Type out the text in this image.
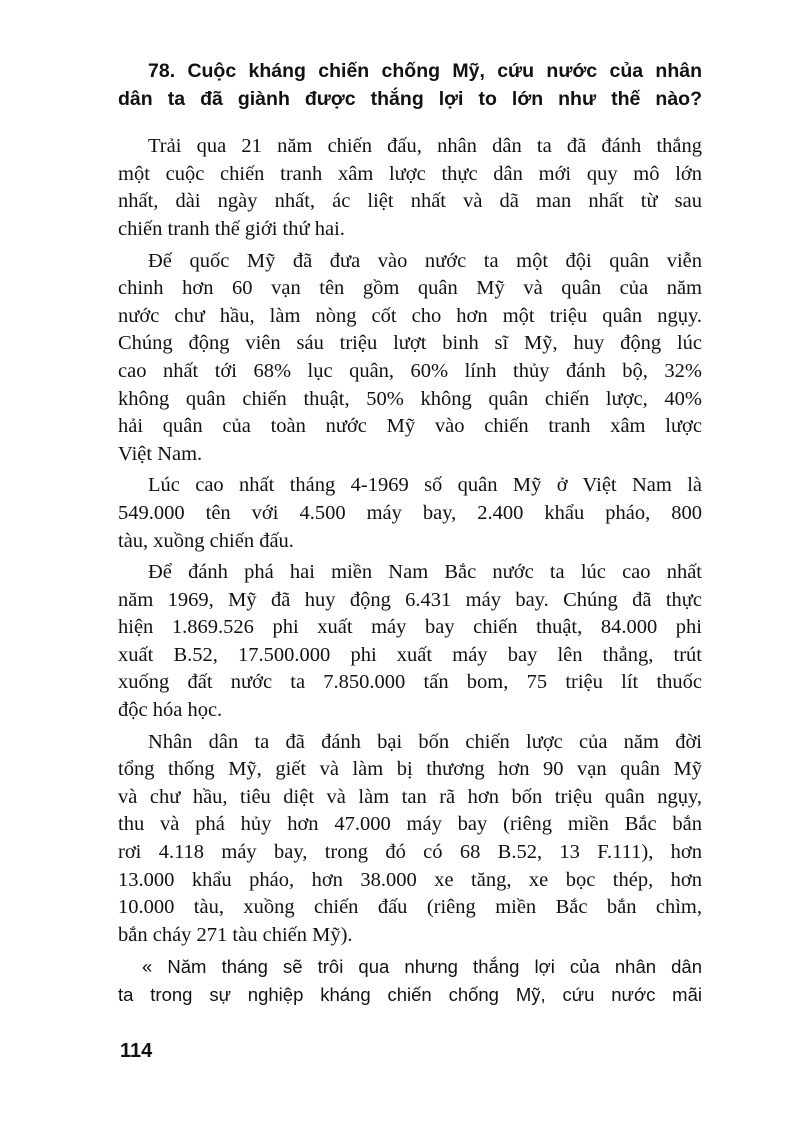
78. Cuộc kháng chiến chống Mỹ, cứu nước của nhân
dân ta đã giành được thắng lợi to lớn như thế nào?
Trải qua 21 năm chiến đấu, nhân dân ta đã đánh thắng
một cuộc chiến tranh xâm lược thực dân mới quy mô lớn
nhất, dài ngày nhất, ác liệt nhất và dã man nhất từ sau
chiến tranh thế giới thứ hai.
Đế quốc Mỹ đã đưa vào nước ta một đội quân viễn
chinh hơn 60 vạn tên gồm quân Mỹ và quân của năm
nước chư hầu, làm nòng cốt cho hơn một triệu quân ngụy.
Chúng động viên sáu triệu lượt binh sĩ Mỹ, huy động lúc
cao nhất tới 68% lục quân, 60% lính thủy đánh bộ, 32%
không quân chiến thuật, 50% không quân chiến lược, 40%
hải quân của toàn nước Mỹ vào chiến tranh xâm lược
Việt Nam.
Lúc cao nhất tháng 4-1969 số quân Mỹ ở Việt Nam là
549.000 tên với 4.500 máy bay, 2.400 khẩu pháo, 800
tàu, xuồng chiến đấu.
Để đánh phá hai miền Nam Bắc nước ta lúc cao nhất
năm 1969, Mỹ đã huy động 6.431 máy bay. Chúng đã thực
hiện 1.869.526 phi xuất máy bay chiến thuật, 84.000 phi
xuất B.52, 17.500.000 phi xuất máy bay lên thẳng, trút
xuống đất nước ta 7.850.000 tấn bom, 75 triệu lít thuốc
độc hóa học.
Nhân dân ta đã đánh bại bốn chiến lược của năm đời
tổng thống Mỹ, giết và làm bị thương hơn 90 vạn quân Mỹ
và chư hầu, tiêu diệt và làm tan rã hơn bốn triệu quân ngụy,
thu và phá hủy hơn 47.000 máy bay (riêng miền Bắc bắn
rơi 4.118 máy bay, trong đó có 68 B.52, 13 F.111), hơn
13.000 khẩu pháo, hơn 38.000 xe tăng, xe bọc thép, hơn
10.000 tàu, xuồng chiến đấu (riêng miền Bắc bắn chìm,
bắn cháy 271 tàu chiến Mỹ).
« Năm tháng sẽ trôi qua nhưng thắng lợi của nhân dân
ta trong sự nghiệp kháng chiến chống Mỹ, cứu nước mãi
114
